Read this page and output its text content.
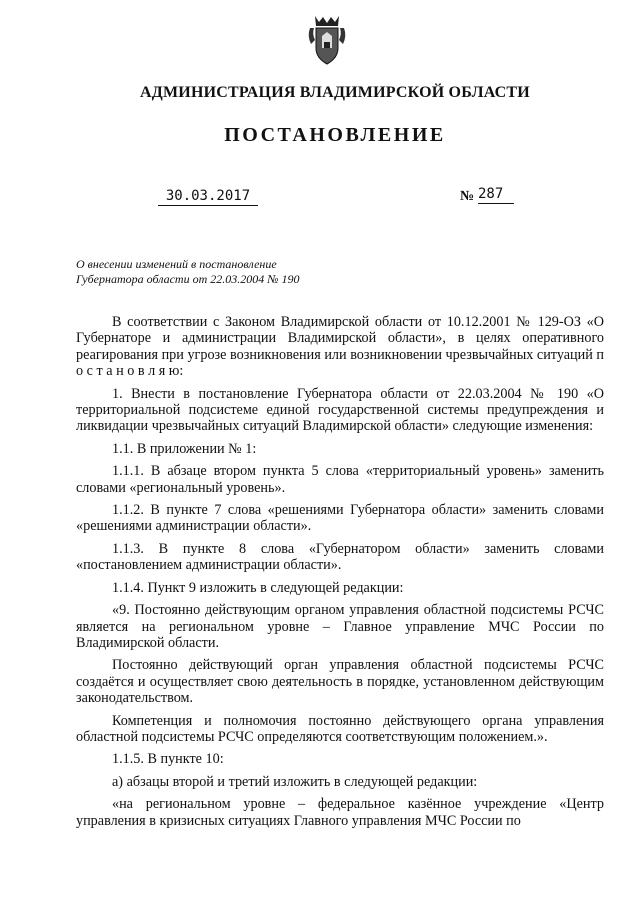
АДМИНИСТРАЦИЯ ВЛАДИМИРСКОЙ ОБЛАСТИ
ПОСТАНОВЛЕНИЕ
30.03.2017	№ 287
О внесении изменений в постановление
Губернатора области от 22.03.2004 № 190

В соответствии с Законом Владимирской области от 10.12.2001 № 129-ОЗ «О Губернаторе и администрации Владимирской области», в целях оперативного реагирования при угрозе возникновения или возникновении чрезвычайных ситуаций п о с т а н о в л я ю:

1. Внести в постановление Губернатора области от 22.03.2004 № 190 «О территориальной подсистеме единой государственной системы предупреждения и ликвидации чрезвычайных ситуаций Владимирской области» следующие изменения:

1.1. В приложении № 1:

1.1.1. В абзаце втором пункта 5 слова «территориальный уровень» заменить словами «региональный уровень».

1.1.2. В пункте 7 слова «решениями Губернатора области» заменить словами «решениями администрации области».

1.1.3. В пункте 8 слова «Губернатором области» заменить словами «постановлением администрации области».

1.1.4. Пункт 9 изложить в следующей редакции:

«9. Постоянно действующим органом управления областной подсистемы РСЧС является на региональном уровне – Главное управление МЧС России по Владимирской области.

Постоянно действующий орган управления областной подсистемы РСЧС создаётся и осуществляет свою деятельность в порядке, установленном действующим законодательством.

Компетенция и полномочия постоянно действующего органа управления областной подсистемы РСЧС определяются соответствующим положением.».

1.1.5. В пункте 10:

а) абзацы второй и третий изложить в следующей редакции:

«на региональном уровне – федеральное казённое учреждение «Центр управления в кризисных ситуациях Главного управления МЧС России по
